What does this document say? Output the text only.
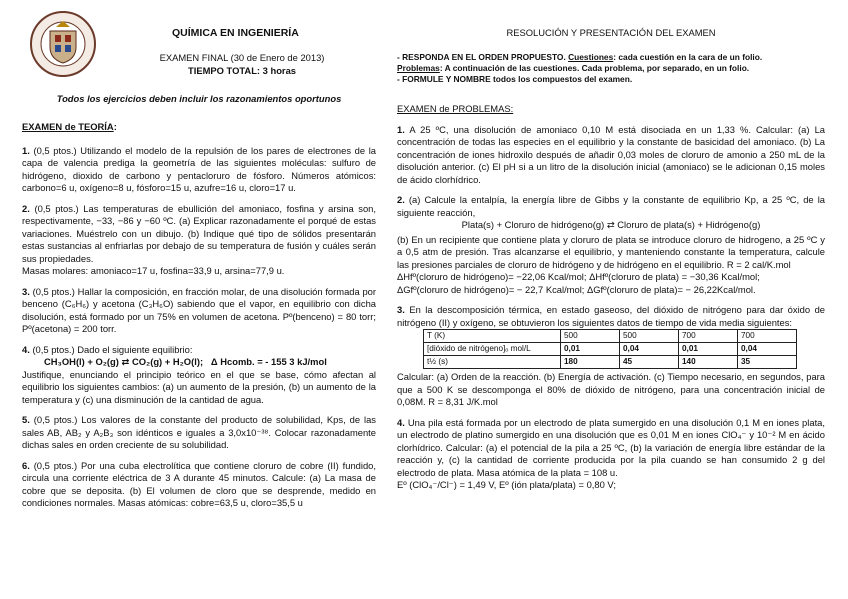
QUÍMICA EN INGENIERÍA
EXAMEN FINAL (30 de Enero de 2013)
TIEMPO TOTAL: 3 horas
Todos los ejercicios deben incluir los razonamientos oportunos

EXAMEN de TEORÍA:

1. (0,5 ptos.) Utilizando el modelo de la repulsión de los pares de electrones de la capa de valencia prediga la geometría de las siguientes moléculas: sulfuro de hidrógeno, dioxido de carbono y pentacloruro de fósforo. Números atómicos: carbono=6 u, oxígeno=8 u, fósforo=15 u, azufre=16 u, cloro=17 u.

2. (0,5 ptos.) Las temperaturas de ebullición del amoniaco, fosfina y arsina son, respectivamente, −33, −86 y −60 ºC. (a) Explicar razonadamente el porqué de estas variaciones. Muéstrelo con un dibujo. (b) Indique qué tipo de sólidos presentarán estas sustancias al enfriarlas por debajo de su temperatura de fusión y cuáles serán sus propiedades.

Masas molares: amoniaco=17 u, fosfina=33,9 u, arsina=77,9 u.

3. (0,5 ptos.) Hallar la composición, en fracción molar, de una disolución formada por benceno (C₆H₆) y acetona (C₃H₆O) sabiendo que el vapor, en equilibrio con dicha disolución, está formado por un 75% en volumen de acetona. Pº(benceno) = 80 torr; Pº(acetona) = 200 torr.

4. (0,5 ptos.) Dado el siguiente equilibrio:

CH₃OH(l) + O₂(g) ⇄ CO₂(g) + H₂O(l); Δ Hcomb. = - 155 3 kJ/mol

Justifique, enunciando el principio teórico en el que se base, cómo afectan al equilibrio los siguientes cambios: (a) un aumento de la presión, (b) un aumento de la temperatura y (c) una disminución de la cantidad de agua.

5. (0,5 ptos.) Los valores de la constante del producto de solubilidad, Kps, de las sales AB, AB₂ y A₂B₃ son idénticos e iguales a 3,0x10⁻³⁸. Colocar razonadamente dichas sales en orden creciente de su solubilidad.

6. (0,5 ptos.) Por una cuba electrolítica que contiene cloruro de cobre (II) fundido, circula una corriente eléctrica de 3 A durante 45 minutos. Calcule: (a) La masa de cobre que se deposita. (b) El volumen de cloro que se desprende, medido en condiciones normales. Masas atómicas: cobre=63,5 u, cloro=35,5 u

RESOLUCIÓN Y PRESENTACIÓN DEL EXAMEN

- RESPONDA EN EL ORDEN PROPUESTO. Cuestiones: cada cuestión en la cara de un folio.

Problemas: A continuación de las cuestiones. Cada problema, por separado, en un folio.

- FORMULE Y NOMBRE todos los compuestos del examen.

EXAMEN de PROBLEMAS:

1. A 25 ºC, una disolución de amoniaco 0,10 M está disociada en un 1,33 %. Calcular: (a) La concentración de todas las especies en el equilibrio y la constante de basicidad del amoniaco. (b) La concentración de iones hidroxilo después de añadir 0,03 moles de cloruro de amonio a 250 mL de la disolución anterior. (c) El pH si a un litro de la disolución inicial (amoniaco) se le adicionan 0,15 moles de ácido clorhídrico.

2. (a) Calcule la entalpía, la energía libre de Gibbs y la constante de equilibrio Kp, a 25 ºC, de la siguiente reacción,

Plata(s) + Cloruro de hidrógeno(g) ⇄ Cloruro de plata(s) + Hidrógeno(g)

(b) En un recipiente que contiene plata y cloruro de plata se introduce cloruro de hidrogeno, a 25 ºC y a 0,5 atm de presión. Tras alcanzarse el equilibrio, y manteniendo constante la temperatura, calcule las presiones parciales de cloruro de hidrógeno y de hidrógeno en el equilibrio. R = 2 cal/K.mol

ΔHfº(cloruro de hidrógeno)= −22,06 Kcal/mol; ΔHfº(cloruro de plata) = −30,36 Kcal/mol;

ΔGfº(cloruro de hidrógeno)= − 22,7 Kcal/mol; ΔGfº(cloruro de plata)= − 26,22Kcal/mol.

3. En la descomposición térmica, en estado gaseoso, del dióxido de nitrógeno para dar óxido de nitrógeno (II) y oxígeno, se obtuvieron los siguientes datos de tiempo de vida media siguientes:

T (K)	500	500	700	700
[dióxido de nitrógeno]ₒ mol/L	0,01	0,04	0,01	0,04
t½ (s)	180	45	140	35

Calcular: (a) Orden de la reacción. (b) Energía de activación. (c) Tiempo necesario, en segundos, para que a 500 K se descomponga el 80% de dióxido de nitrógeno, para una concentración inicial de 0,08M. R = 8,31 J/K.mol

4. Una pila está formada por un electrodo de plata sumergido en una disolución 0,1 M en iones plata, un electrodo de platino sumergido en una disolución que es 0,01 M en iones ClO₄⁻ y 10⁻² M en ácido clorhídrico. Calcular: (a) el potencial de la pila a 25 ºC, (b) la variación de energía libre estándar de la reacción y, (c) la cantidad de corriente producida por la pila cuando se han consumido 2 g del electrodo de plata. Masa atómica de la plata = 108 u.

Eº (ClO₄⁻/Cl⁻) = 1,49 V, Eº (ión plata/plata) = 0,80 V;
